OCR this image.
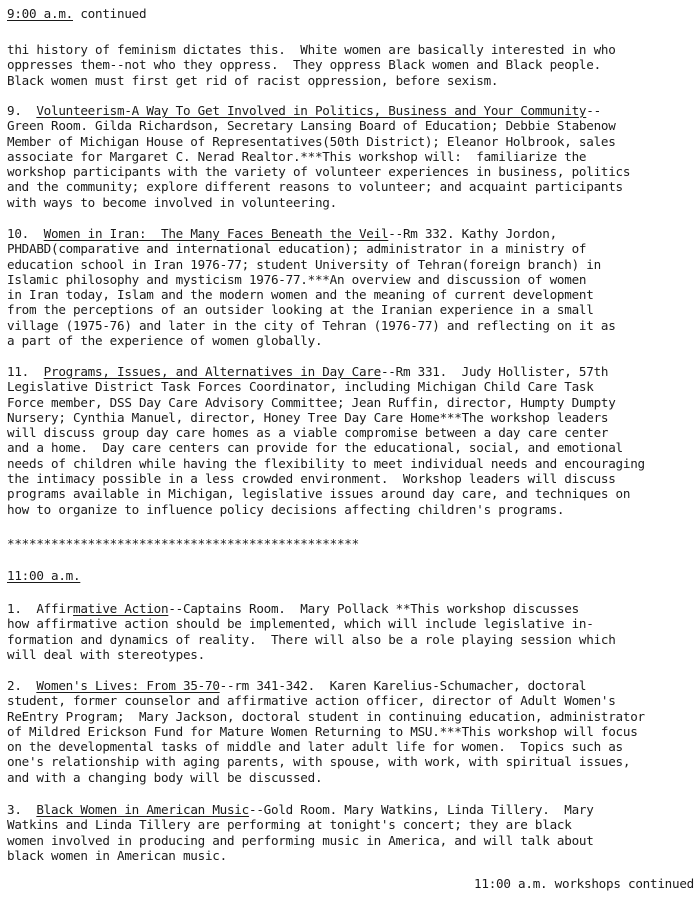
9:00 a.m. continued
thi history of feminism dictates this.  White women are basically interested in who
oppresses them--not who they oppress.  They oppress Black women and Black people.
Black women must first get rid of racist oppression, before sexism.
9.  Volunteerism-A Way To Get Involved in Politics, Business and Your Community--
Green Room. Gilda Richardson, Secretary Lansing Board of Education; Debbie Stabenow
Member of Michigan House of Representatives(50th District); Eleanor Holbrook, sales
associate for Margaret C. Nerad Realtor.***This workshop will:  familiarize the
workshop participants with the variety of volunteer experiences in business, politics
and the community; explore different reasons to volunteer; and acquaint participants
with ways to become involved in volunteering.
10.  Women in Iran:  The Many Faces Beneath the Veil--Rm 332. Kathy Jordon,
PHDABD(comparative and international education); administrator in a ministry of
education school in Iran 1976-77; student University of Tehran(foreign branch) in
Islamic philosophy and mysticism 1976-77.***An overview and discussion of women
in Iran today, Islam and the modern women and the meaning of current development
from the perceptions of an outsider looking at the Iranian experience in a small
village (1975-76) and later in the city of Tehran (1976-77) and reflecting on it as
a part of the experience of women globally.
11.  Programs, Issues, and Alternatives in Day Care--Rm 331.  Judy Hollister, 57th
Legislative District Task Forces Coordinator, including Michigan Child Care Task
Force member, DSS Day Care Advisory Committee; Jean Ruffin, director, Humpty Dumpty
Nursery; Cynthia Manuel, director, Honey Tree Day Care Home***The workshop leaders
will discuss group day care homes as a viable compromise between a day care center
and a home.  Day care centers can provide for the educational, social, and emotional
needs of children while having the flexibility to meet individual needs and encouraging
the intimacy possible in a less crowded environment.  Workshop leaders will discuss
programs available in Michigan, legislative issues around day care, and techniques on
how to organize to influence policy decisions affecting children's programs.
************************************************
11:00 a.m.
1.  Affirmative Action--Captains Room.  Mary Pollack **This workshop discusses
how affirmative action should be implemented, which will include legislative in-
formation and dynamics of reality.  There will also be a role playing session which
will deal with stereotypes.
2.  Women's Lives: From 35-70--rm 341-342.  Karen Karelius-Schumacher, doctoral
student, former counselor and affirmative action officer, director of Adult Women's
ReEntry Program;  Mary Jackson, doctoral student in continuing education, administrator
of Mildred Erickson Fund for Mature Women Returning to MSU.***This workshop will focus
on the developmental tasks of middle and later adult life for women.  Topics such as
one's relationship with aging parents, with spouse, with work, with spiritual issues,
and with a changing body will be discussed.
3.  Black Women in American Music--Gold Room. Mary Watkins, Linda Tillery.  Mary
Watkins and Linda Tillery are performing at tonight's concert; they are black
women involved in producing and performing music in America, and will talk about
black women in American music.
11:00 a.m. workshops continued
